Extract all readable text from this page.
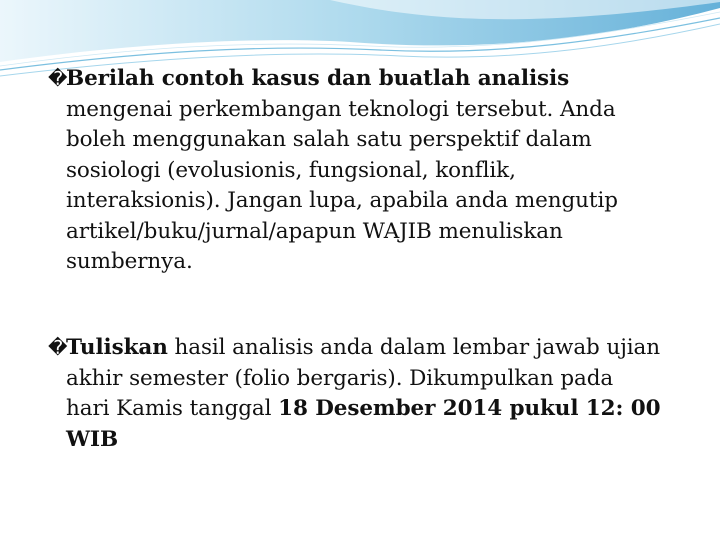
�
Berilah contoh kasus dan buatlah analisis
mengenai perkembangan teknologi tersebut. Anda
boleh menggunakan salah satu perspektif dalam
sosiologi (evolusionis, fungsional, konflik,
interaksionis). Jangan lupa, apabila anda mengutip
artikel/buku/jurnal/apapun WAJIB menuliskan
sumbernya.
�
Tuliskan hasil analisis anda dalam lembar jawab ujian
akhir semester (folio bergaris). Dikumpulkan pada
hari Kamis tanggal 18 Desember 2014 pukul 12: 00
WIB
